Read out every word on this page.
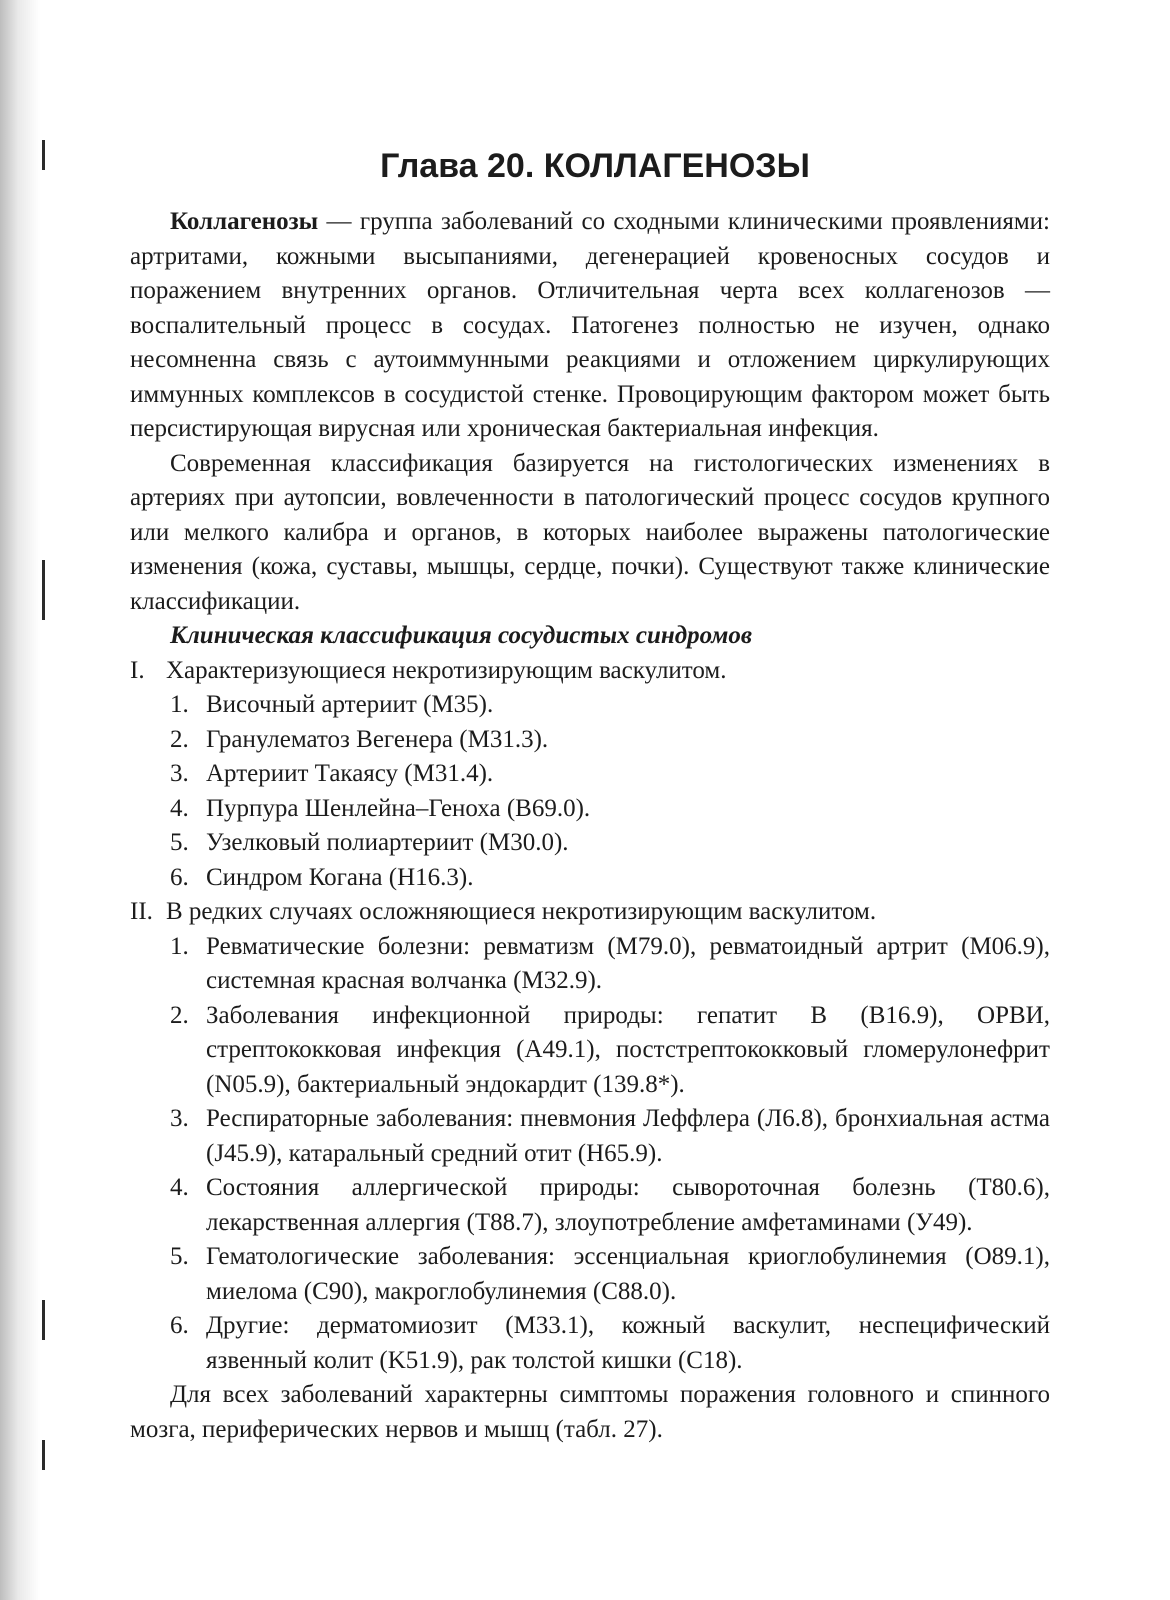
Глава 20. КОЛЛАГЕНОЗЫ

Коллагенозы — группа заболеваний со сходными клиническими проявлениями: артритами, кожными высыпаниями, дегенерацией кровеносных сосудов и поражением внутренних органов. Отличительная черта всех коллагенозов — воспалительный процесс в сосудах. Патогенез полностью не изучен, однако несомненна связь с аутоиммунными реакциями и отложением циркулирующих иммунных комплексов в сосудистой стенке. Провоцирующим фактором может быть персистирующая вирусная или хроническая бактериальная инфекция.

Современная классификация базируется на гистологических изменениях в артериях при аутопсии, вовлеченности в патологический процесс сосудов крупного или мелкого калибра и органов, в которых наиболее выражены патологические изменения (кожа, суставы, мышцы, сердце, почки). Существуют также клинические классификации.

Клиническая классификация сосудистых синдромов

I. Характеризующиеся некротизирующим васкулитом.

1. Височный артериит (M35).
2. Гранулематоз Вегенера (M31.3).
3. Артериит Такаясу (M31.4).
4. Пурпура Шенлейна–Геноха (B69.0).
5. Узелковый полиартериит (M30.0).
6. Синдром Когана (H16.3).

II. В редких случаях осложняющиеся некротизирующим васкулитом.

1. Ревматические болезни: ревматизм (M79.0), ревматоидный артрит (M06.9), системная красная волчанка (M32.9).
2. Заболевания инфекционной природы: гепатит B (B16.9), ОРВИ, стрептококковая инфекция (A49.1), постстрептококковый гломерулонефрит (N05.9), бактериальный эндокардит (139.8*).
3. Респираторные заболевания: пневмония Леффлера (Л6.8), бронхиальная астма (J45.9), катаральный средний отит (H65.9).
4. Состояния аллергической природы: сывороточная болезнь (T80.6), лекарственная аллергия (T88.7), злоупотребление амфетаминами (У49).
5. Гематологические заболевания: эссенциальная криоглобулинемия (O89.1), миелома (C90), макроглобулинемия (C88.0).
6. Другие: дерматомиозит (M33.1), кожный васкулит, неспецифический язвенный колит (K51.9), рак толстой кишки (C18).

Для всех заболеваний характерны симптомы поражения головного и спинного мозга, периферических нервов и мышц (табл. 27).
